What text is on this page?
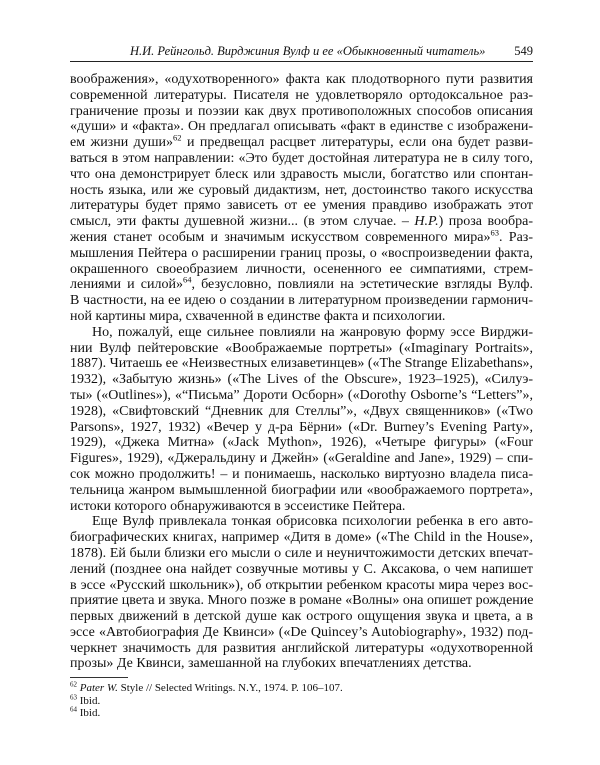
Н.И. Рейнгольд. Вирджиния Вулф и ее «Обыкновенный читатель» 549
воображения», «одухотворенного» факта как плодотворного пути развития
современной литературы. Писателя не удовлетворяло ортодоксальное раз-
граничение прозы и поэзии как двух противоположных способов описания
«души» и «факта». Он предлагал описывать «факт в единстве с изображени-
ем жизни души»$^{62}$ и предвещал расцвет литературы, если она будет разви-
ваться в этом направлении: «Это будет достойная литература не в силу того,
что она демонстрирует блеск или здравость мысли, богатство или спонтан-
ность языка, или же суровый дидактизм, нет, достоинство такого искусства
литературы будет прямо зависеть от ее умения правдиво изображать этот
смысл, эти факты душевной жизни... (в этом случае. – Н.Р.) проза вообра-
жения станет особым и значимым искусством современного мира»$^{63}$. Раз-
мышления Пейтера о расширении границ прозы, о «воспроизведении факта,
окрашенного своеобразием личности, осененного ее симпатиями, стрем-
лениями и силой»$^{64}$, безусловно, повлияли на эстетические взгляды Вулф.
В частности, на ее идею о создании в литературном произведении гармонич-
ной картины мира, схваченной в единстве факта и психологии.
Но, пожалуй, еще сильнее повлияли на жанровую форму эссе Вирджи-
нии Вулф пейтеровские «Воображаемые портреты» («Imaginary Portraits»,
1887). Читаешь ее «Неизвестных елизаветинцев» («The Strange Elizabethans»,
1932), «Забытую жизнь» («The Lives of the Obscure», 1923–1925), «Силуэ-
ты» («Outlines»), «“Письма” Дороти Осборн» («Dorothy Osborne’s “Letters”»,
1928), «Свифтовский “Дневник для Стеллы”», «Двух священников» («Two
Parsons», 1927, 1932) «Вечер у д-ра Бёрни» («Dr. Burney’s Evening Party»,
1929), «Джека Митна» («Jack Mython», 1926), «Четыре фигуры» («Four
Figures», 1929), «Джеральдину и Джейн» («Geraldine and Jane», 1929) – спи-
сок можно продолжить! – и понимаешь, насколько виртуозно владела писа-
тельница жанром вымышленной биографии или «воображаемого портрета»,
истоки которого обнаруживаются в эссеистике Пейтера.
Еще Вулф привлекала тонкая обрисовка психологии ребенка в его авто-
биографических книгах, например «Дитя в доме» («The Child in the House»,
1878). Ей были близки его мысли о силе и неуничтожимости детских впечат-
лений (позднее она найдет созвучные мотивы у С. Аксакова, о чем напишет
в эссе «Русский школьник»), об открытии ребенком красоты мира через вос-
приятие цвета и звука. Много позже в романе «Волны» она опишет рождение
первых движений в детской душе как острого ощущения звука и цвета, а в
эссе «Автобиография Де Квинси» («De Quincey’s Autobiography», 1932) под-
черкнет значимость для развития английской литературы «одухотворенной
прозы» Де Квинси, замешанной на глубоких впечатлениях детства.
$^{62}$ Pater W. Style // Selected Writings. N.Y., 1974. P. 106–107.
$^{63}$ Ibid.
$^{64}$ Ibid.
